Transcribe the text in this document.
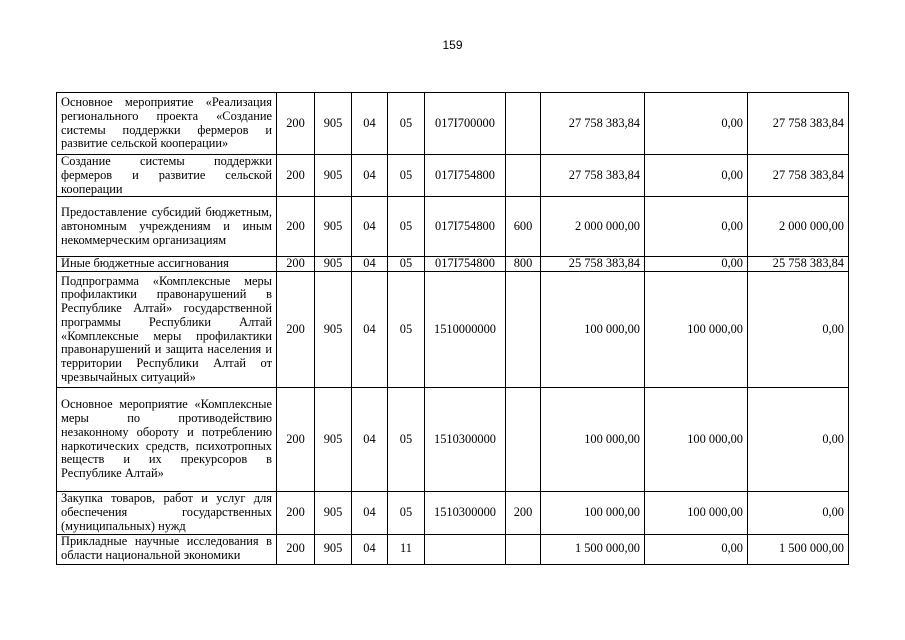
159
Основное мероприятие «Реализация регионального проекта «Создание системы поддержки фермеров и развитие сельской кооперации»	200	905	04	05	017I700000		27 758 383,84	0,00	27 758 383,84
Создание системы поддержки фермеров и развитие сельской кооперации	200	905	04	05	017I754800		27 758 383,84	0,00	27 758 383,84
Предоставление субсидий бюджетным, автономным учреждениям и иным некоммерческим организациям	200	905	04	05	017I754800	600	2 000 000,00	0,00	2 000 000,00
Иные бюджетные ассигнования	200	905	04	05	017I754800	800	25 758 383,84	0,00	25 758 383,84
Подпрограмма «Комплексные меры профилактики правонарушений в Республике Алтай» государственной программы Республики Алтай «Комплексные меры профилактики правонарушений и защита населения и территории Республики Алтай от чрезвычайных ситуаций»	200	905	04	05	1510000000		100 000,00	100 000,00	0,00
Основное мероприятие «Комплексные меры по противодействию незаконному обороту и потреблению наркотических средств, психотропных веществ и их прекурсоров в Республике Алтай»	200	905	04	05	1510300000		100 000,00	100 000,00	0,00
Закупка товаров, работ и услуг для обеспечения государственных (муниципальных) нужд	200	905	04	05	1510300000	200	100 000,00	100 000,00	0,00
Прикладные научные исследования в области национальной экономики	200	905	04	11			1 500 000,00	0,00	1 500 000,00
